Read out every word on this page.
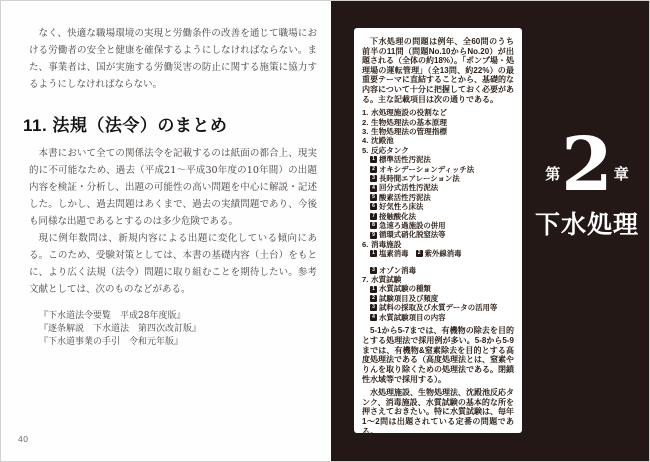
なく、快適な職場環境の実現と労働条件の改善を通じて職場における労働者の安全と健康を確保するようにしなければならない。また、事業者は、国が実施する労働災害の防止に関する施策に協力するようにしなければならない。

11. 法規（法令）のまとめ

本書において全ての関係法令を記載するのは紙面の都合上、現実的に不可能なため、過去（平成21～平成30年度の10年間）の出題内容を検証・分析し、出題の可能性の高い問題を中心に解説・記述した。しかし、過去問題はあくまで、過去の実績問題であり、今後も同様な出題であるとするのは多少危険である。

現に例年数問は、新規内容による出題に変化している傾向にある。このため、受験対策としては、本書の基礎内容（土台）をもとに、より広く法規（法令）問題に取り組むことを期待したい。参考文献としては、次のものなどがある。

『下水道法令要覧　平成28年度版』
『逐条解説　下水道法　第四次改訂版』
『下水道事業の手引　令和元年版』
40

下水処理の問題は例年、全60問のうち前半の11問（問題No.10からNo.20）が出題される（全体の約18%）。「ポンプ場・処理場の運転管理」（全13問、約22%）の最重要テーマに直結することから、基礎的な内容について十分に把握しておく必要がある。主な記載項目は次の通りである。

1. 水処理施設の役割など
2. 生物処理法の基本原理
3. 生物処理法の管理指標
4. 沈殿池
5. 反応タンク
1 標準活性汚泥法
2 オキシデーションディッチ法
3 長時間エアレーション法
4 回分式活性汚泥法
5 酸素活性汚泥法
6 好気性ろ床法
7 接触酸化法
8 急速ろ過施設の併用
9 循環式硝化脱窒法等
6. 消毒施設
1 塩素消毒	2 紫外線消毒
3 オゾン消毒
7. 水質試験
1 水質試験の種類
2 試験項目及び頻度
3 試料の採取及び水質データの活用等
4 水質試験項目の内容

5-1から5-7までは、有機物の除去を目的とする処理法で採用例が多い。5-8から5-9までは、有機物&窒素除去を目的とする高度処理法である（高度処理法とは、窒素やりんを取り除くための処理法である。閉鎖性水域等で採用する）。

水処理施設、生物処理法、沈殿池反応タンク、消毒施設、水質試験の基本的な所を押さえておきたい。特に水質試験は、毎年1～2問は出題されている定番の問題である。

第 2 章
下水処理
